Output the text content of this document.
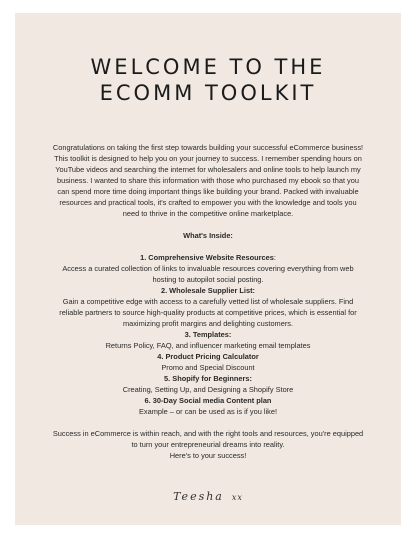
WELCOME TO THE
ECOMM TOOLKIT

Congratulations on taking the first step towards building your successful eCommerce business!

This toolkit is designed to help you on your journey to success. I remember spending hours on

YouTube videos and searching the internet for wholesalers and online tools to help launch my

business. I wanted to share this information with those who purchased my ebook so that you

can spend more time doing important things like building your brand. Packed with invaluable

resources and practical tools, it's crafted to empower you with the knowledge and tools you

need to thrive in the competitive online marketplace.

What's Inside:

1. Comprehensive Website Resources:

Access a curated collection of links to invaluable resources covering everything from web

hosting to autopilot social posting.

2. Wholesale Supplier List:

Gain a competitive edge with access to a carefully vetted list of wholesale suppliers. Find

reliable partners to source high-quality products at competitive prices, which is essential for

maximizing profit margins and delighting customers.

3. Templates:

Returns Policy, FAQ, and influencer marketing email templates

4. Product Pricing Calculator

Promo and Special Discount

5. Shopify for Beginners:

Creating, Setting Up, and Designing a Shopify Store

6. 30-Day Social media Content plan

Example – or can be used as is if you like!

Success in eCommerce is within reach, and with the right tools and resources, you're equipped

to turn your entrepreneurial dreams into reality.

Here's to your success!

Teesha xx
